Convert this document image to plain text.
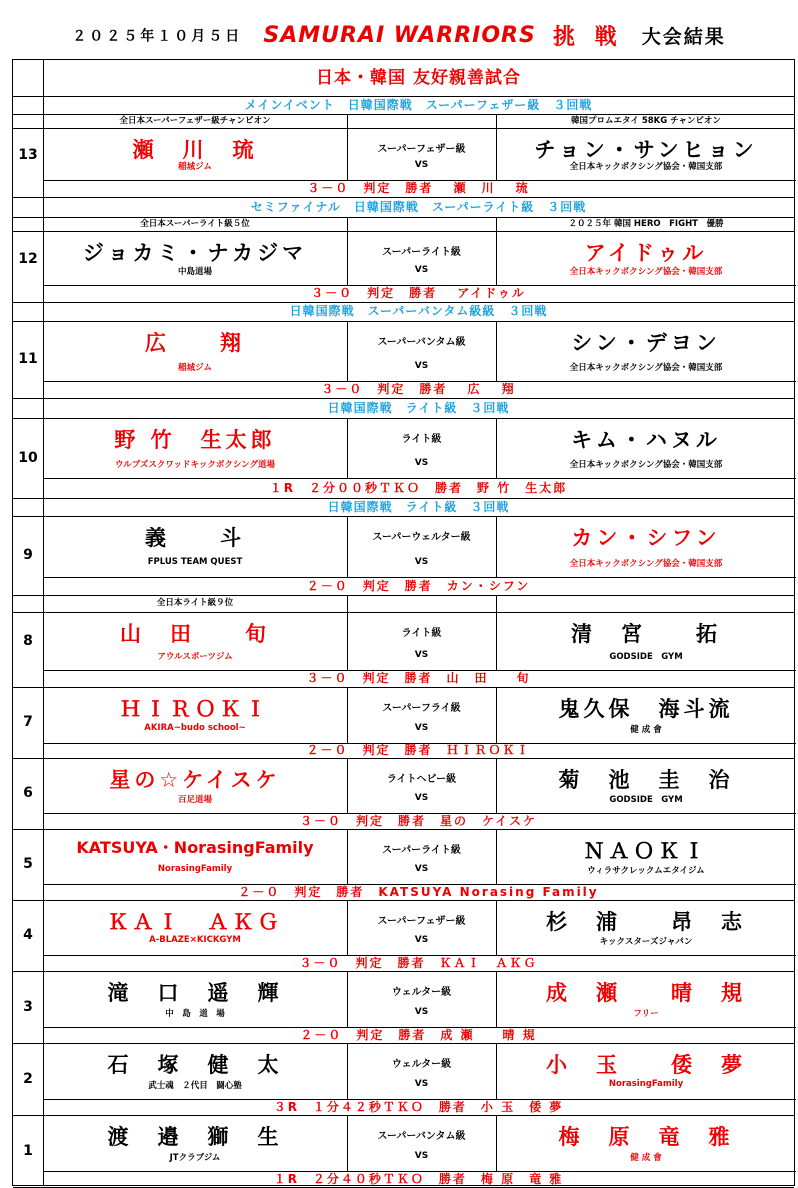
２０２５年１０月５日 SAMURAI WARRIORS 挑 戦 大会結果
日本・韓国 友好親善試合
メインイベント　日韓国際戦　スーパーフェザー級　３回戦
全日本スーパーフェザー級チャンピオン	韓国プロムエタイ 58KG チャンピオン
瀬　川　琉
稲城ジム
スーパーフェザー級
VS
チョン・サンヒョン
全日本キックボクシング協会・韓国支部
３－０　判定　勝者　 瀬　川　 琉
13
セミファイナル　日韓国際戦　スーパーライト級　３回戦
全日本スーパーライト級５位	２０２５年 韓国 HERO　FIGHT　優勝
ジョカミ・ナカジマ
中島道場
スーパーライト級
VS
アイドゥル
全日本キックボクシング協会・韓国支部
３－０　判定　勝者　 アイドゥル
12
日韓国際戦　スーパーバンタム級級　３回戦
広　　翔
稲城ジム
スーパーバンタム級
VS
シン・デヨン
全日本キックボクシング協会・韓国支部
３－０　判定　勝者　 広　 翔
11
日韓国際戦　ライト級　３回戦
野 竹　生太郎
ウルブズスクワッドキックボクシング道場
ライト級
VS
キム・ハヌル
全日本キックボクシング協会・韓国支部
１R　２分００秒ＴＫＯ　勝者　野 竹　生太郎
10
日韓国際戦　ライト級　３回戦
義　　斗
FPLUS TEAM QUEST
スーパーウェルター級
VS
カン・シフン
全日本キックボクシング協会・韓国支部
２－０　判定　勝者　カン・シフン
9
全日本ライト級９位
山　田　　旬
アウルスポーツジム
ライト級
VS
清　宮　　拓
GODSIDE　GYM
３－０　判定　勝者　山　田　　旬
8
ＨＩＲＯＫＩ
AKIRA~budo school~
スーパーフライ級
VS
鬼久保　海斗流
健 成 會
２－０　判定　勝者　ＨＩＲＯＫＩ
7
星の☆ケイスケ
百足道場
ライトヘビー級
VS
菊　池　圭　治
GODSIDE　GYM
３－０　判定　勝者　星の　ケイスケ
6
KATSUYA・NorasingFamily
NorasingFamily
スーパーライト級
VS
ＮＡＯＫＩ
ウィラサクレックムエタイジム
２－０　判定　勝者　KATSUYA Norasing Family
5
ＫＡＩ　ＡＫＧ
A-BLAZE×KICKGYM
スーパーフェザー級
VS
杉　浦　　昂　志
キックスターズジャパン
３－０　判定　勝者　ＫＡＩ　ＡＫＧ
4
滝　口　遥　輝
中　島　道　場
ウェルター級
VS
成　瀬　　晴　規
フリー
２－０　判定　勝者　成 瀬　　晴 規
3
石　塚　健　太
武士魂　２代目　闘心塾
ウェルター級
VS
小　玉　　倭　夢
NorasingFamily
３R　１分４２秒ＴＫＯ　勝者　小 玉　倭 夢
2
渡　邉　獅　生
JTクラブジム
スーパーバンタム級
VS
梅　原　竜　雅
健 成 會
１R　２分４０秒ＴＫＯ　勝者　梅 原　竜 雅
1
